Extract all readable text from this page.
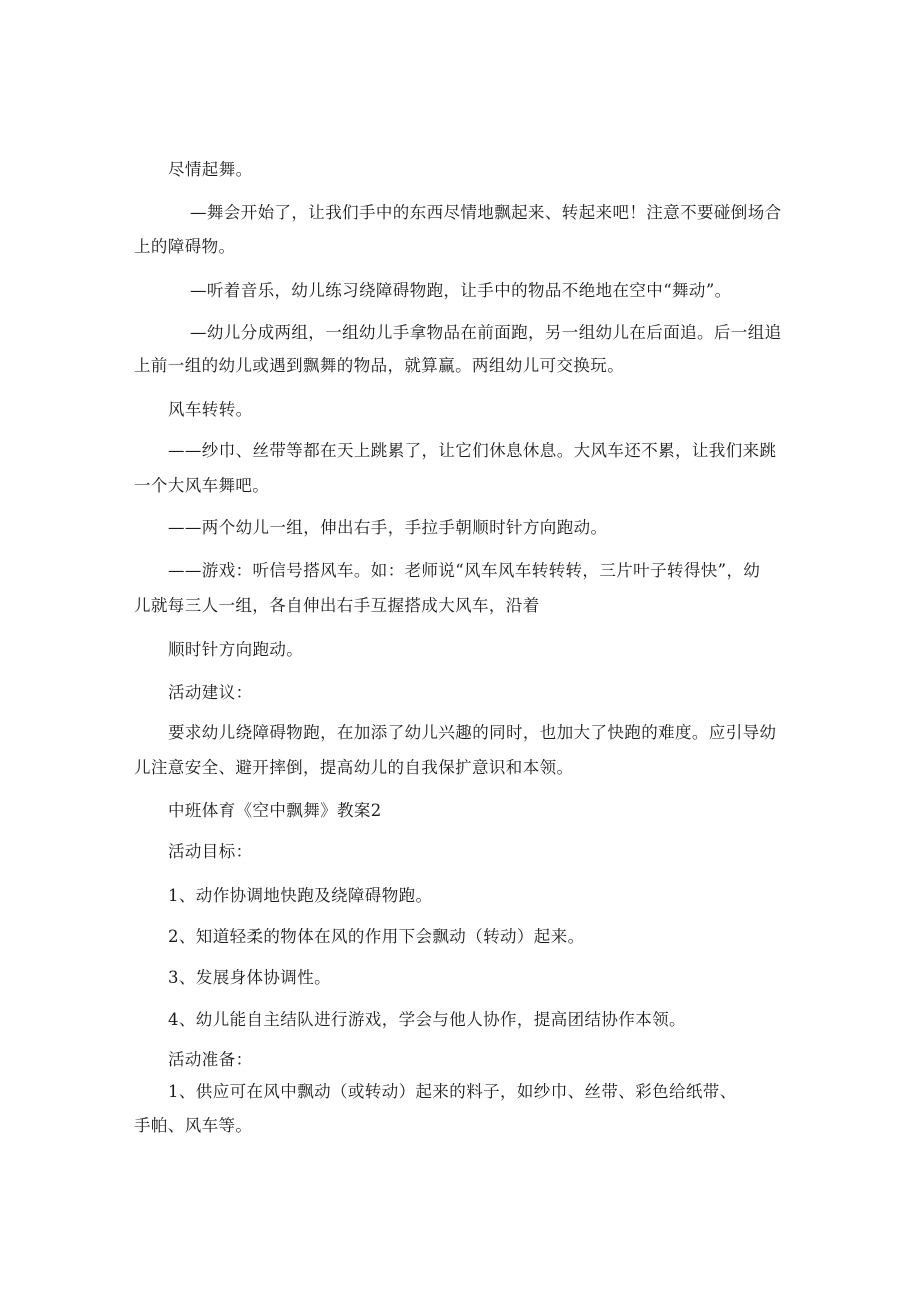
尽情起舞。
—舞会开始了，让我们手中的东西尽情地飘起来、转起来吧！注意不要碰倒场合
上的障碍物。
—听着音乐，幼儿练习绕障碍物跑，让手中的物品不绝地在空中“舞动”。
—幼儿分成两组，一组幼儿手拿物品在前面跑，另一组幼儿在后面追。后一组追
上前一组的幼儿或遇到飘舞的物品，就算赢。两组幼儿可交换玩。
风车转转。
——纱巾、丝带等都在天上跳累了，让它们休息休息。大风车还不累，让我们来跳
一个大风车舞吧。
——两个幼儿一组，伸出右手，手拉手朝顺时针方向跑动。
——游戏：听信号搭风车。如：老师说“风车风车转转转，三片叶子转得快”，幼
儿就每三人一组，各自伸出右手互握搭成大风车，沿着
顺时针方向跑动。
活动建议：
要求幼儿绕障碍物跑，在加添了幼儿兴趣的同时，也加大了快跑的难度。应引导幼
儿注意安全、避开摔倒，提高幼儿的自我保扩意识和本领。
中班体育《空中飘舞》教案2
活动目标：
1、动作协调地快跑及绕障碍物跑。
2、知道轻柔的物体在风的作用下会飘动（转动）起来。
3、发展身体协调性。
4、幼儿能自主结队进行游戏，学会与他人协作，提高团结协作本领。
活动准备：
1、供应可在风中飘动（或转动）起来的料子，如纱巾、丝带、彩色给纸带、
手帕、风车等。
